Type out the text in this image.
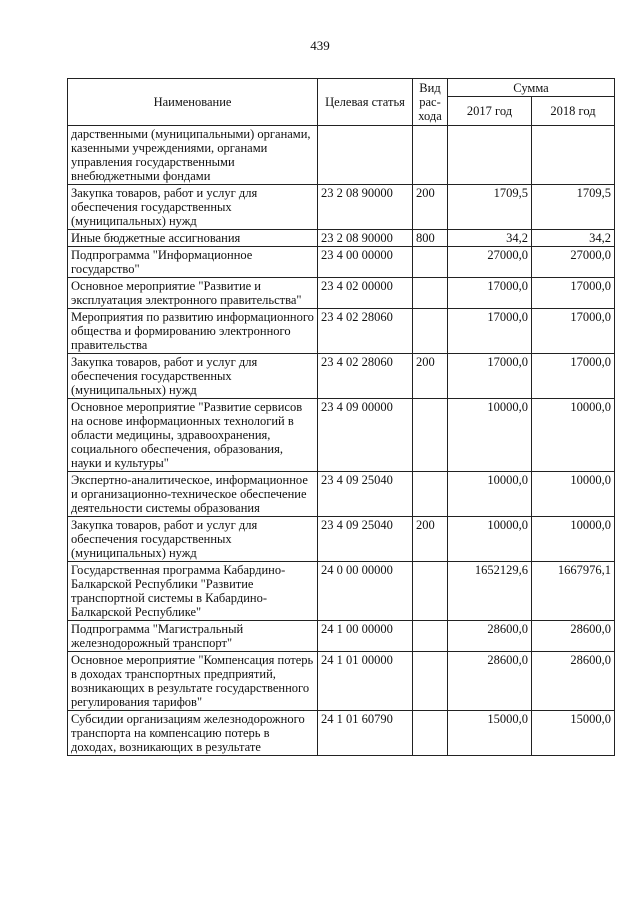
439
Наименование	Целевая статья	Вид рас-хода	Сумма	
			2017 год	2018 год
дарственными (муниципальными) органами, казенными учреждениями, органами управления государственными внебюджетными фондами				
Закупка товаров, работ и услуг для обеспечения государственных (муниципальных) нужд	23 2 08 90000	200	1709,5	1709,5
Иные бюджетные ассигнования	23 2 08 90000	800	34,2	34,2
Подпрограмма "Информационное государство"	23 4 00 00000		27000,0	27000,0
Основное мероприятие "Развитие и эксплуатация электронного правительства"	23 4 02 00000		17000,0	17000,0
Мероприятия по развитию информационного общества и формированию электронного правительства	23 4 02 28060		17000,0	17000,0
Закупка товаров, работ и услуг для обеспечения государственных (муниципальных) нужд	23 4 02 28060	200	17000,0	17000,0
Основное мероприятие "Развитие сервисов на основе информационных технологий в области медицины, здравоохранения, социального обеспечения, образования, науки и культуры"	23 4 09 00000		10000,0	10000,0
Экспертно-аналитическое, информационное и организационно-техническое обеспечение деятельности системы образования	23 4 09 25040		10000,0	10000,0
Закупка товаров, работ и услуг для обеспечения государственных (муниципальных) нужд	23 4 09 25040	200	10000,0	10000,0
Государственная программа Кабардино-Балкарской Республики "Развитие транспортной системы в Кабардино-Балкарской Республике"	24 0 00 00000		1652129,6	1667976,1
Подпрограмма "Магистральный железнодорожный транспорт"	24 1 00 00000		28600,0	28600,0
Основное мероприятие "Компенсация потерь в доходах транспортных предприятий, возникающих в результате государственного регулирования тарифов"	24 1 01 00000		28600,0	28600,0
Субсидии организациям железнодорожного транспорта на компенсацию потерь в доходах, возникающих в результате	24 1 01 60790		15000,0	15000,0
